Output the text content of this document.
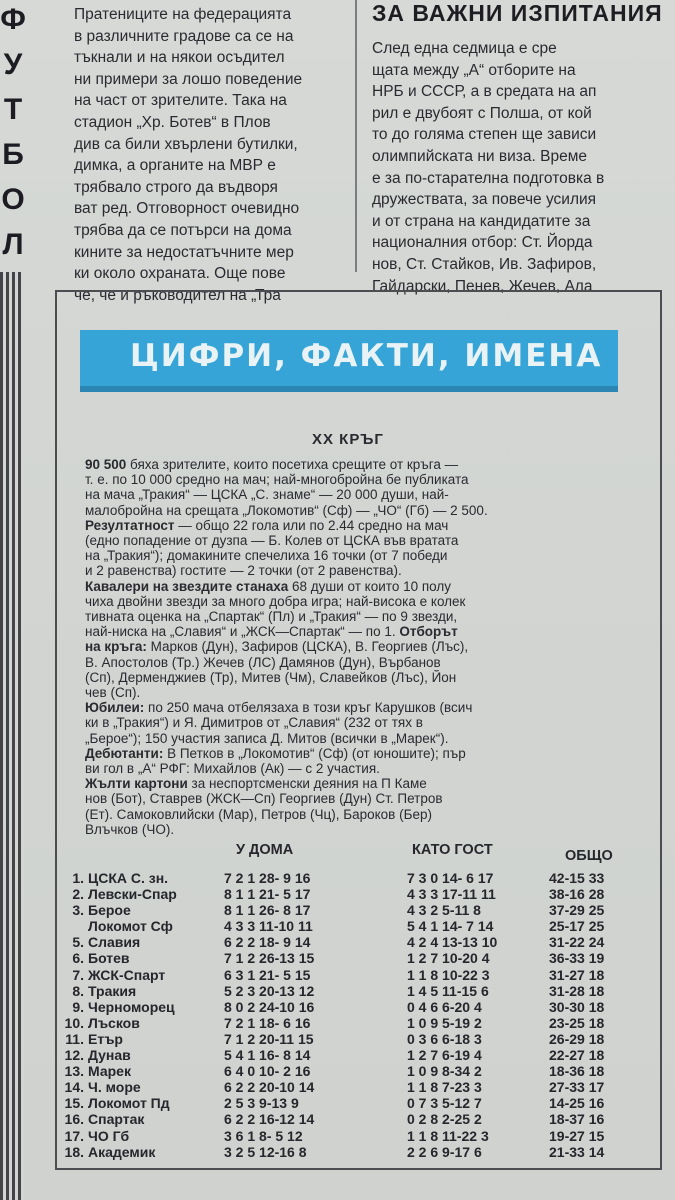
Ф
У
Т
Б
О
Л
Пратениците на федерацията
в различните градове са се на
тъкнали и на някои осъдител
ни примери за лошо поведение
на част от зрителите. Така на
стадион „Хр. Ботев“ в Плов
див са били хвърлени бутилки,
димка, а органите на МВР е
трябвало строго да въдворя
ват ред. Отговорност очевидно
трябва да се потърси на дома
кините за недостатъчните мер
ки около охраната. Още пове
че, че и ръководител на „Тра
ЗА ВАЖНИ ИЗПИТАНИЯ
След една седмица е сре
щата между „А“ отборите на
НРБ и СССР, а в средата на ап
рил е двубоят с Полша, от кой
то до голяма степен ще зависи
олимпийската ни виза. Време
е за по-старателна подготовка в
дружествата, за повече усилия
и от страна на кандидатите за
националния отбор: Ст. Йорда
нов, Ст. Стайков, Ив. Зафиров,
Гайдарски, Пенев, Жечев, Ала
ЦИФРИ, ФАКТИ, ИМЕНА
XX КРЪГ
90 500 бяха зрителите, които посетиха срещите от кръга —
т. е. по 10 000 средно на мач; най-многобройна бе публиката
на мача „Тракия“ — ЦСКА „С. знаме“ — 20 000 души, най-
малобройна на срещата „Локомотив“ (Сф) — „ЧО“ (Гб) — 2 500.
Резултатност — общо 22 гола или по 2.44 средно на мач
(едно попадение от дузпа — Б. Колев от ЦСКА във вратата
на „Тракия“); домакините спечелиха 16 точки (от 7 победи
и 2 равенства) гостите — 2 точки (от 2 равенства).
Кавалери на звездите станаха 68 души от които 10 полу
чиха двойни звезди за много добра игра; най-висока е колек
тивната оценка на „Спартак“ (Пл) и „Тракия“ — по 9 звезди,
най-ниска на „Славия“ и „ЖСК—Спартак“ — по 1. Отборът
на кръга: Марков (Дун), Зафиров (ЦСКА), В. Георгиев (Лъс),
В. Апостолов (Тр.) Жечев (ЛС) Дамянов (Дун), Върбанов
(Сп), Дерменджиев (Тр), Митев (Чм), Славейков (Лъс), Йон
чев (Сп).
Юбилеи: по 250 мача отбелязаха в този кръг Карушков (всич
ки в „Тракия“) и Я. Димитров от „Славия“ (232 от тях в
„Берое“); 150 участия записа Д. Митов (всички в „Марек“).
Дебютанти: В Петков в „Локомотив“ (Сф) (от юношите); пър
ви гол в „А“ РФГ: Михайлов (Ак) — с 2 участия.
Жълти картони за неспортсменски деяния на П Каме
нов (Бот), Ставрев (ЖСК—Сп) Георгиев (Дун) Ст. Петров
(Ет). Самоковлийски (Мар), Петров (Чц), Бароков (Бер)
Влъчков (ЧО).
У ДОМА	КАТО ГОСТ	ОБЩО
1. ЦСКА С. зн.	7 2 1 28- 9 16	7 3 0 14- 6 17	42-15 33
2. Левски-Спар	8 1 1 21- 5 17	4 3 3 17-11 11	38-16 28
3. Берое	8 1 1 26- 8 17	4 3 2 5-11 8	37-29 25
Локомот Сф	4 3 3 11-10 11	5 4 1 14- 7 14	25-17 25
5. Славия	6 2 2 18- 9 14	4 2 4 13-13 10	31-22 24
6. Ботев	7 1 2 26-13 15	1 2 7 10-20 4	36-33 19
7. ЖСК-Спарт	6 3 1 21- 5 15	1 1 8 10-22 3	31-27 18
8. Тракия	5 2 3 20-13 12	1 4 5 11-15 6	31-28 18
9. Черноморец	8 0 2 24-10 16	0 4 6 6-20 4	30-30 18
10. Лъсков	7 2 1 18- 6 16	1 0 9 5-19 2	23-25 18
11. Етър	7 1 2 20-11 15	0 3 6 6-18 3	26-29 18
12. Дунав	5 4 1 16- 8 14	1 2 7 6-19 4	22-27 18
13. Марек	6 4 0 10- 2 16	1 0 9 8-34 2	18-36 18
14. Ч. море	6 2 2 20-10 14	1 1 8 7-23 3	27-33 17
15. Локомот Пд	2 5 3 9-13 9	0 7 3 5-12 7	14-25 16
16. Спартак	6 2 2 16-12 14	0 2 8 2-25 2	18-37 16
17. ЧО Гб	3 6 1 8- 5 12	1 1 8 11-22 3	19-27 15
18. Академик	3 2 5 12-16 8	2 2 6 9-17 6	21-33 14
